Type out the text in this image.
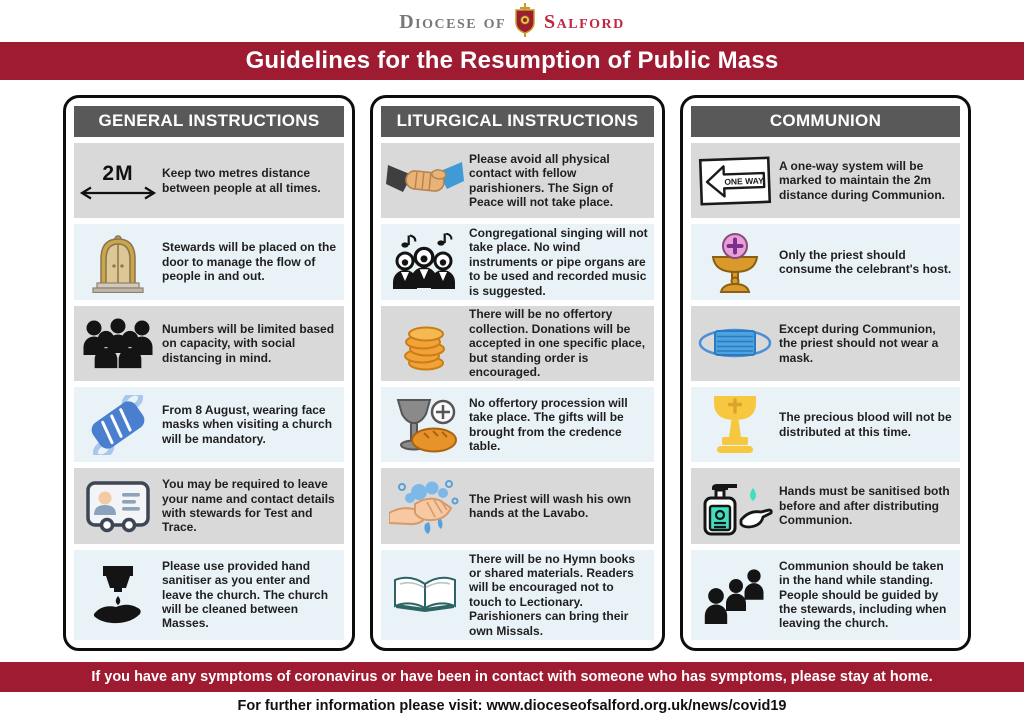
Diocese of Salford
Guidelines for the Resumption of Public Mass
GENERAL INSTRUCTIONS
2M Keep two metres distance between people at all times.
Stewards will be placed on the door to manage the flow of people in and out.
Numbers will be limited based on capacity, with social distancing in mind.
From 8 August, wearing face masks when visiting a church will be mandatory.
You may be required to leave your name and contact details with stewards for Test and Trace.
Please use provided hand sanitiser as you enter and leave the church. The church will be cleaned between Masses.
LITURGICAL INSTRUCTIONS
Please avoid all physical contact with fellow parishioners. The Sign of Peace will not take place.
Congregational singing will not take place. No wind instruments or pipe organs are to be used and recorded music is suggested.
There will be no offertory collection. Donations will be accepted in one specific place, but standing order is encouraged.
No offertory procession will take place. The gifts will be brought from the credence table.
The Priest will wash his own hands at the Lavabo.
There will be no Hymn books or shared materials. Readers will be encouraged not to touch to Lectionary. Parishioners can bring their own Missals.
COMMUNION
ONE WAY
A one-way system will be marked to maintain the 2m distance during Communion.
Only the priest should consume the celebrant's host.
Except during Communion, the priest should not wear a mask.
The precious blood will not be distributed at this time.
Hands must be sanitised both before and after distributing Communion.
Communion should be taken in the hand while standing. People should be guided by the stewards, including when leaving the church.
If you have any symptoms of coronavirus or have been in contact with someone who has symptoms, please stay at home.
For further information please visit: www.dioceseofsalford.org.uk/news/covid19
